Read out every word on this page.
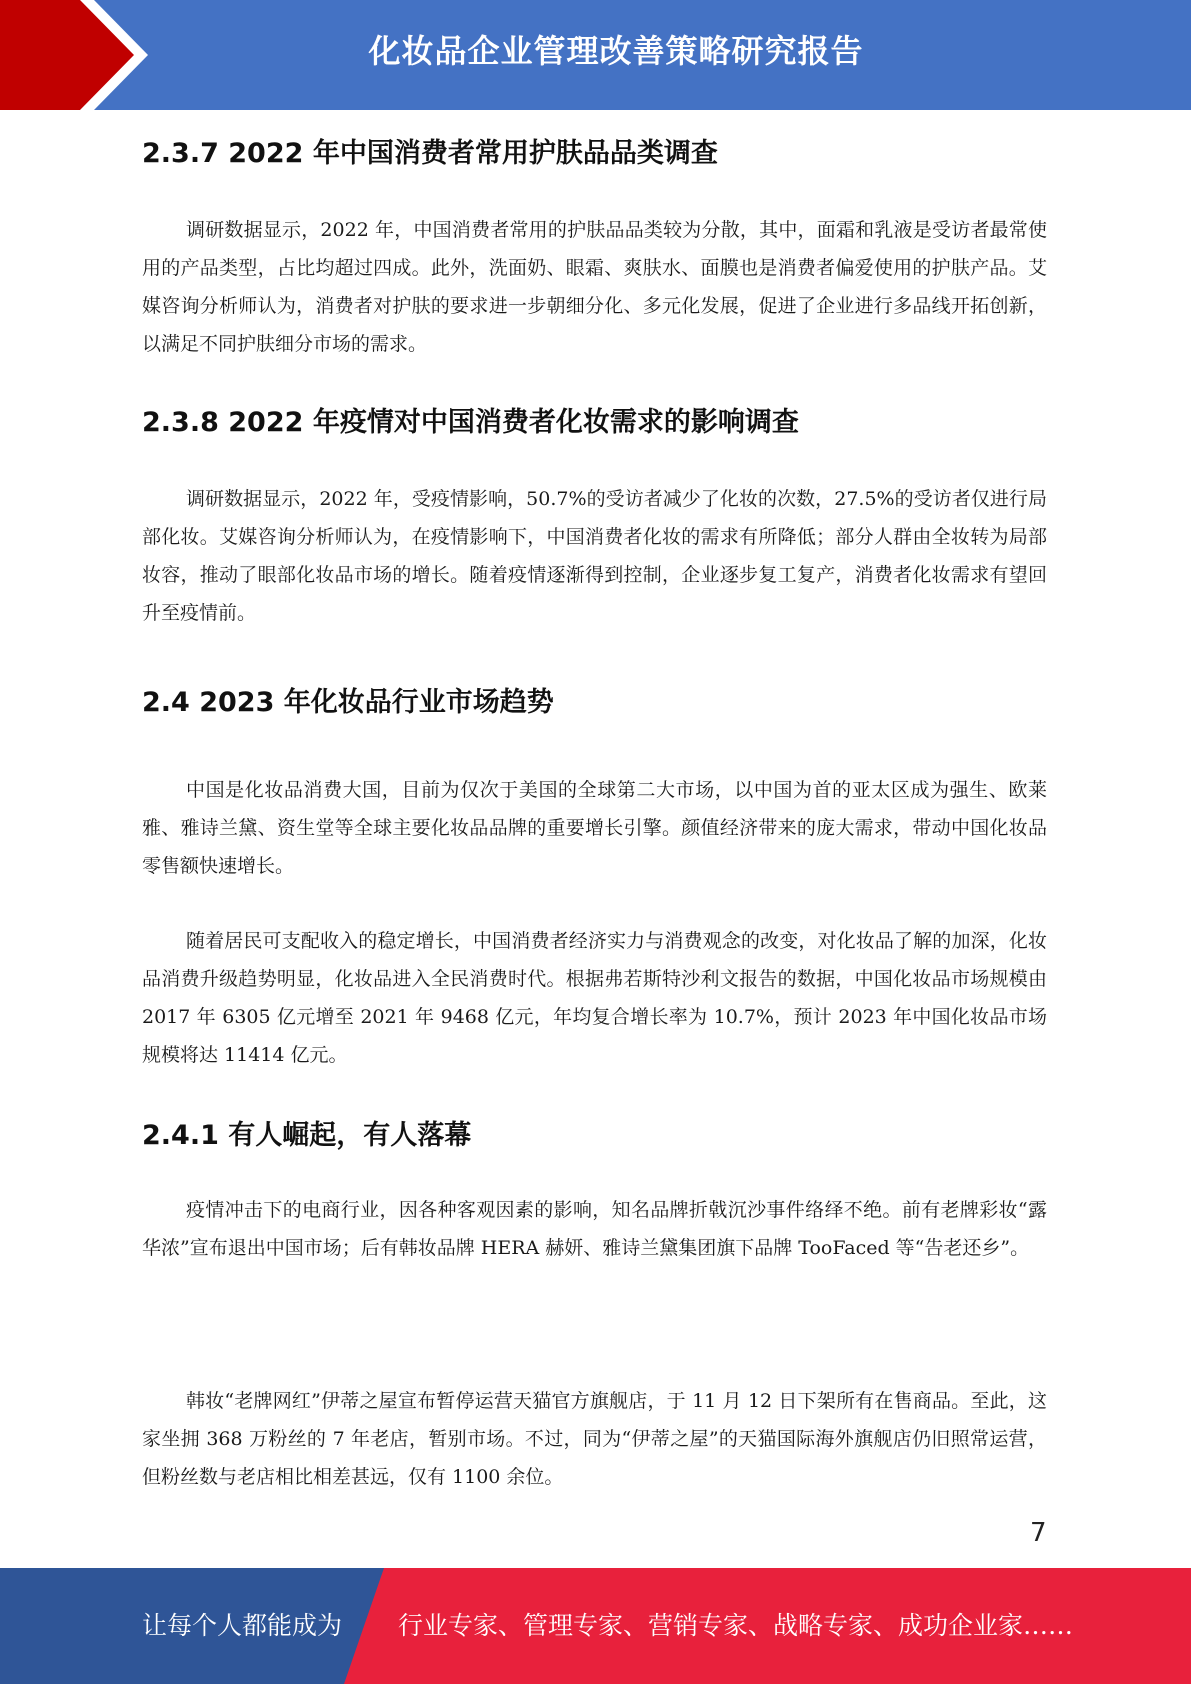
化妆品企业管理改善策略研究报告
2.3.7 2022 年中国消费者常用护肤品品类调查

调研数据显示，2022 年，中国消费者常用的护肤品品类较为分散，其中，面霜和乳液是受访者最常使用的产品类型，占比均超过四成。此外，洗面奶、眼霜、爽肤水、面膜也是消费者偏爱使用的护肤产品。艾媒咨询分析师认为，消费者对护肤的要求进一步朝细分化、多元化发展，促进了企业进行多品线开拓创新，以满足不同护肤细分市场的需求。

2.3.8 2022 年疫情对中国消费者化妆需求的影响调查

调研数据显示，2022 年，受疫情影响，50.7%的受访者减少了化妆的次数，27.5%的受访者仅进行局部化妆。艾媒咨询分析师认为，在疫情影响下，中国消费者化妆的需求有所降低；部分人群由全妆转为局部妆容，推动了眼部化妆品市场的增长。随着疫情逐渐得到控制，企业逐步复工复产，消费者化妆需求有望回升至疫情前。

2.4 2023 年化妆品行业市场趋势

中国是化妆品消费大国，目前为仅次于美国的全球第二大市场，以中国为首的亚太区成为强生、欧莱雅、雅诗兰黛、资生堂等全球主要化妆品品牌的重要增长引擎。颜值经济带来的庞大需求，带动中国化妆品零售额快速增长。

随着居民可支配收入的稳定增长，中国消费者经济实力与消费观念的改变，对化妆品了解的加深，化妆品消费升级趋势明显，化妆品进入全民消费时代。根据弗若斯特沙利文报告的数据，中国化妆品市场规模由 2017 年 6305 亿元增至 2021 年 9468 亿元，年均复合增长率为 10.7%，预计 2023 年中国化妆品市场规模将达 11414 亿元。

2.4.1 有人崛起，有人落幕

疫情冲击下的电商行业，因各种客观因素的影响，知名品牌折戟沉沙事件络绎不绝。前有老牌彩妆“露华浓”宣布退出中国市场；后有韩妆品牌 HERA 赫妍、雅诗兰黛集团旗下品牌 TooFaced 等“告老还乡”。

韩妆“老牌网红”伊蒂之屋宣布暂停运营天猫官方旗舰店，于 11 月 12 日下架所有在售商品。至此，这家坐拥 368 万粉丝的 7 年老店，暂别市场。不过，同为“伊蒂之屋”的天猫国际海外旗舰店仍旧照常运营，但粉丝数与老店相比相差甚远，仅有 1100 余位。

7
让每个人都能成为 行业专家、管理专家、营销专家、战略专家、成功企业家……
